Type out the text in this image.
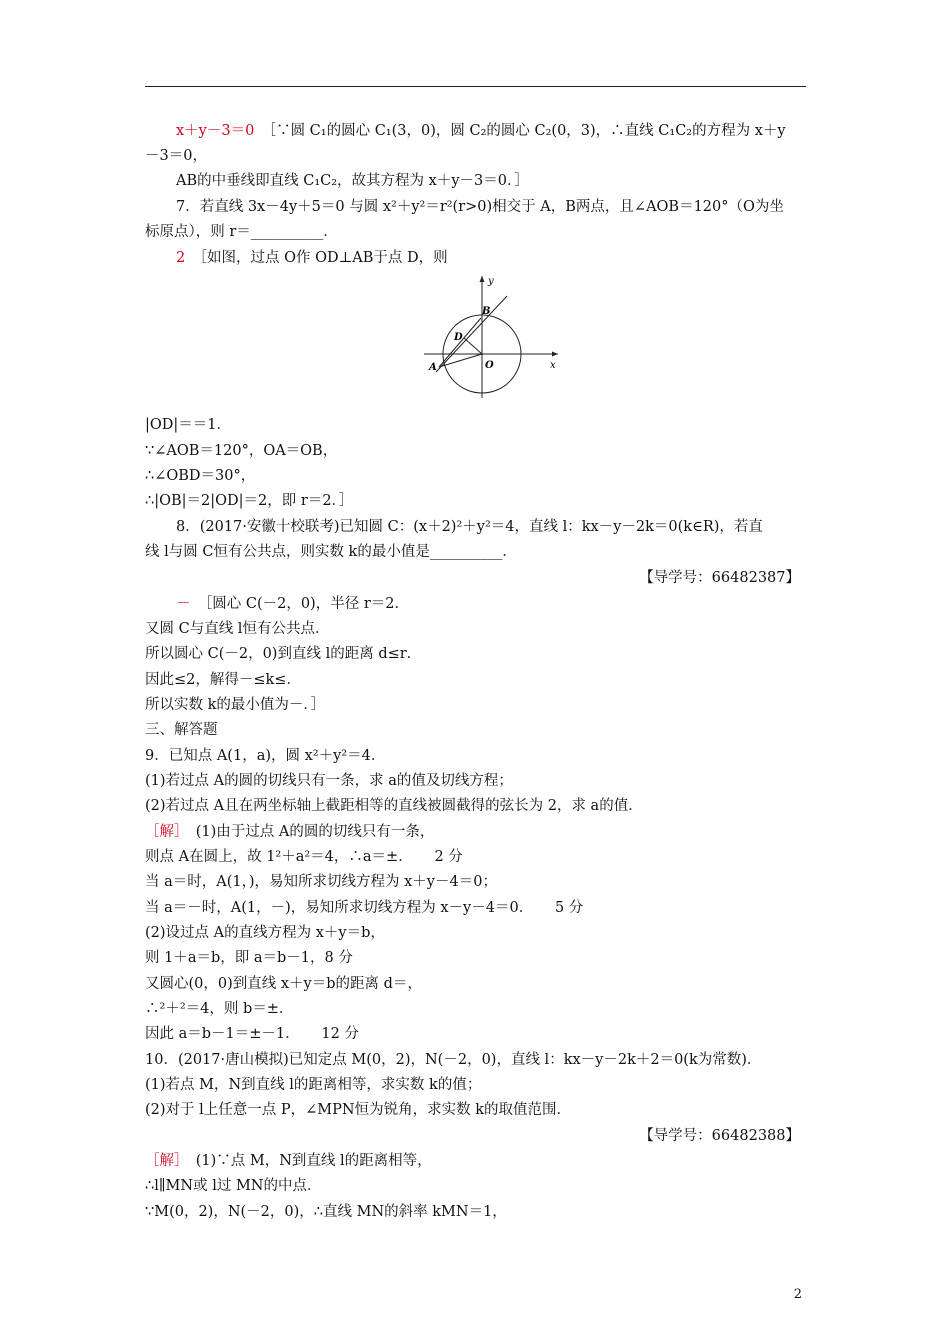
x＋y－3＝0　 ［∵圆 C₁的圆心 C₁(3，0)，圆 C₂的圆心 C₂(0，3)，∴直线 C₁C₂的方程为 x＋y
－3＝0，
AB的中垂线即直线 C₁C₂，故其方程为 x＋y－3＝0．］
7．若直线 3x－4y＋5＝0 与圆 x²＋y²＝r²(r>0)相交于 A，B两点，且∠AOB＝120°（O为坐
标原点），则 r＝__________．
2　 ［如图，过点 O作 OD⊥AB于点 D，则
y
x
O
A
B
D
|OD|＝＝1．
∵∠AOB＝120°，OA＝OB，
∴∠OBD＝30°，
∴|OB|＝2|OD|＝2，即 r＝2．］
8．(2017·安徽十校联考)已知圆 C：(x＋2)²＋y²＝4，直线 l：kx－y－2k＝0(k∈R)，若直
线 l与圆 C恒有公共点，则实数 k的最小值是__________．
【导学号：66482387】
－　 ［圆心 C(－2，0)，半径 r＝2．
又圆 C与直线 l恒有公共点．
所以圆心 C(－2，0)到直线 l的距离 d≤r．
因此≤2，解得－≤k≤．
所以实数 k的最小值为－．］
三、解答题
9．已知点 A(1，a)，圆 x²＋y²＝4．
(1)若过点 A的圆的切线只有一条，求 a的值及切线方程；
(2)若过点 A且在两坐标轴上截距相等的直线被圆截得的弦长为 2，求 a的值．
［解］　 (1)由于过点 A的圆的切线只有一条，
则点 A在圆上，故 1²＋a²＝4，∴a＝±．　　2 分
当 a＝时，A(1，)，易知所求切线方程为 x＋y－4＝0；
当 a＝－时，A(1，－)，易知所求切线方程为 x－y－4＝0．　　5 分
(2)设过点 A的直线方程为 x＋y＝b，
则 1＋a＝b，即 a＝b－1，8 分
又圆心(0，0)到直线 x＋y＝b的距离 d＝，
∴²＋²＝4，则 b＝±．
因此 a＝b－1＝±－1．　　12 分
10．(2017·唐山模拟)已知定点 M(0，2)，N(－2，0)，直线 l：kx－y－2k＋2＝0(k为常数)．
(1)若点 M，N到直线 l的距离相等，求实数 k的值；
(2)对于 l上任意一点 P，∠MPN恒为锐角，求实数 k的取值范围．
【导学号：66482388】
［解］　 (1)∵点 M，N到直线 l的距离相等，
∴l∥MN或 l过 MN的中点．
∵M(0，2)，N(－2，0)，∴直线 MN的斜率 kMN＝1，
2
